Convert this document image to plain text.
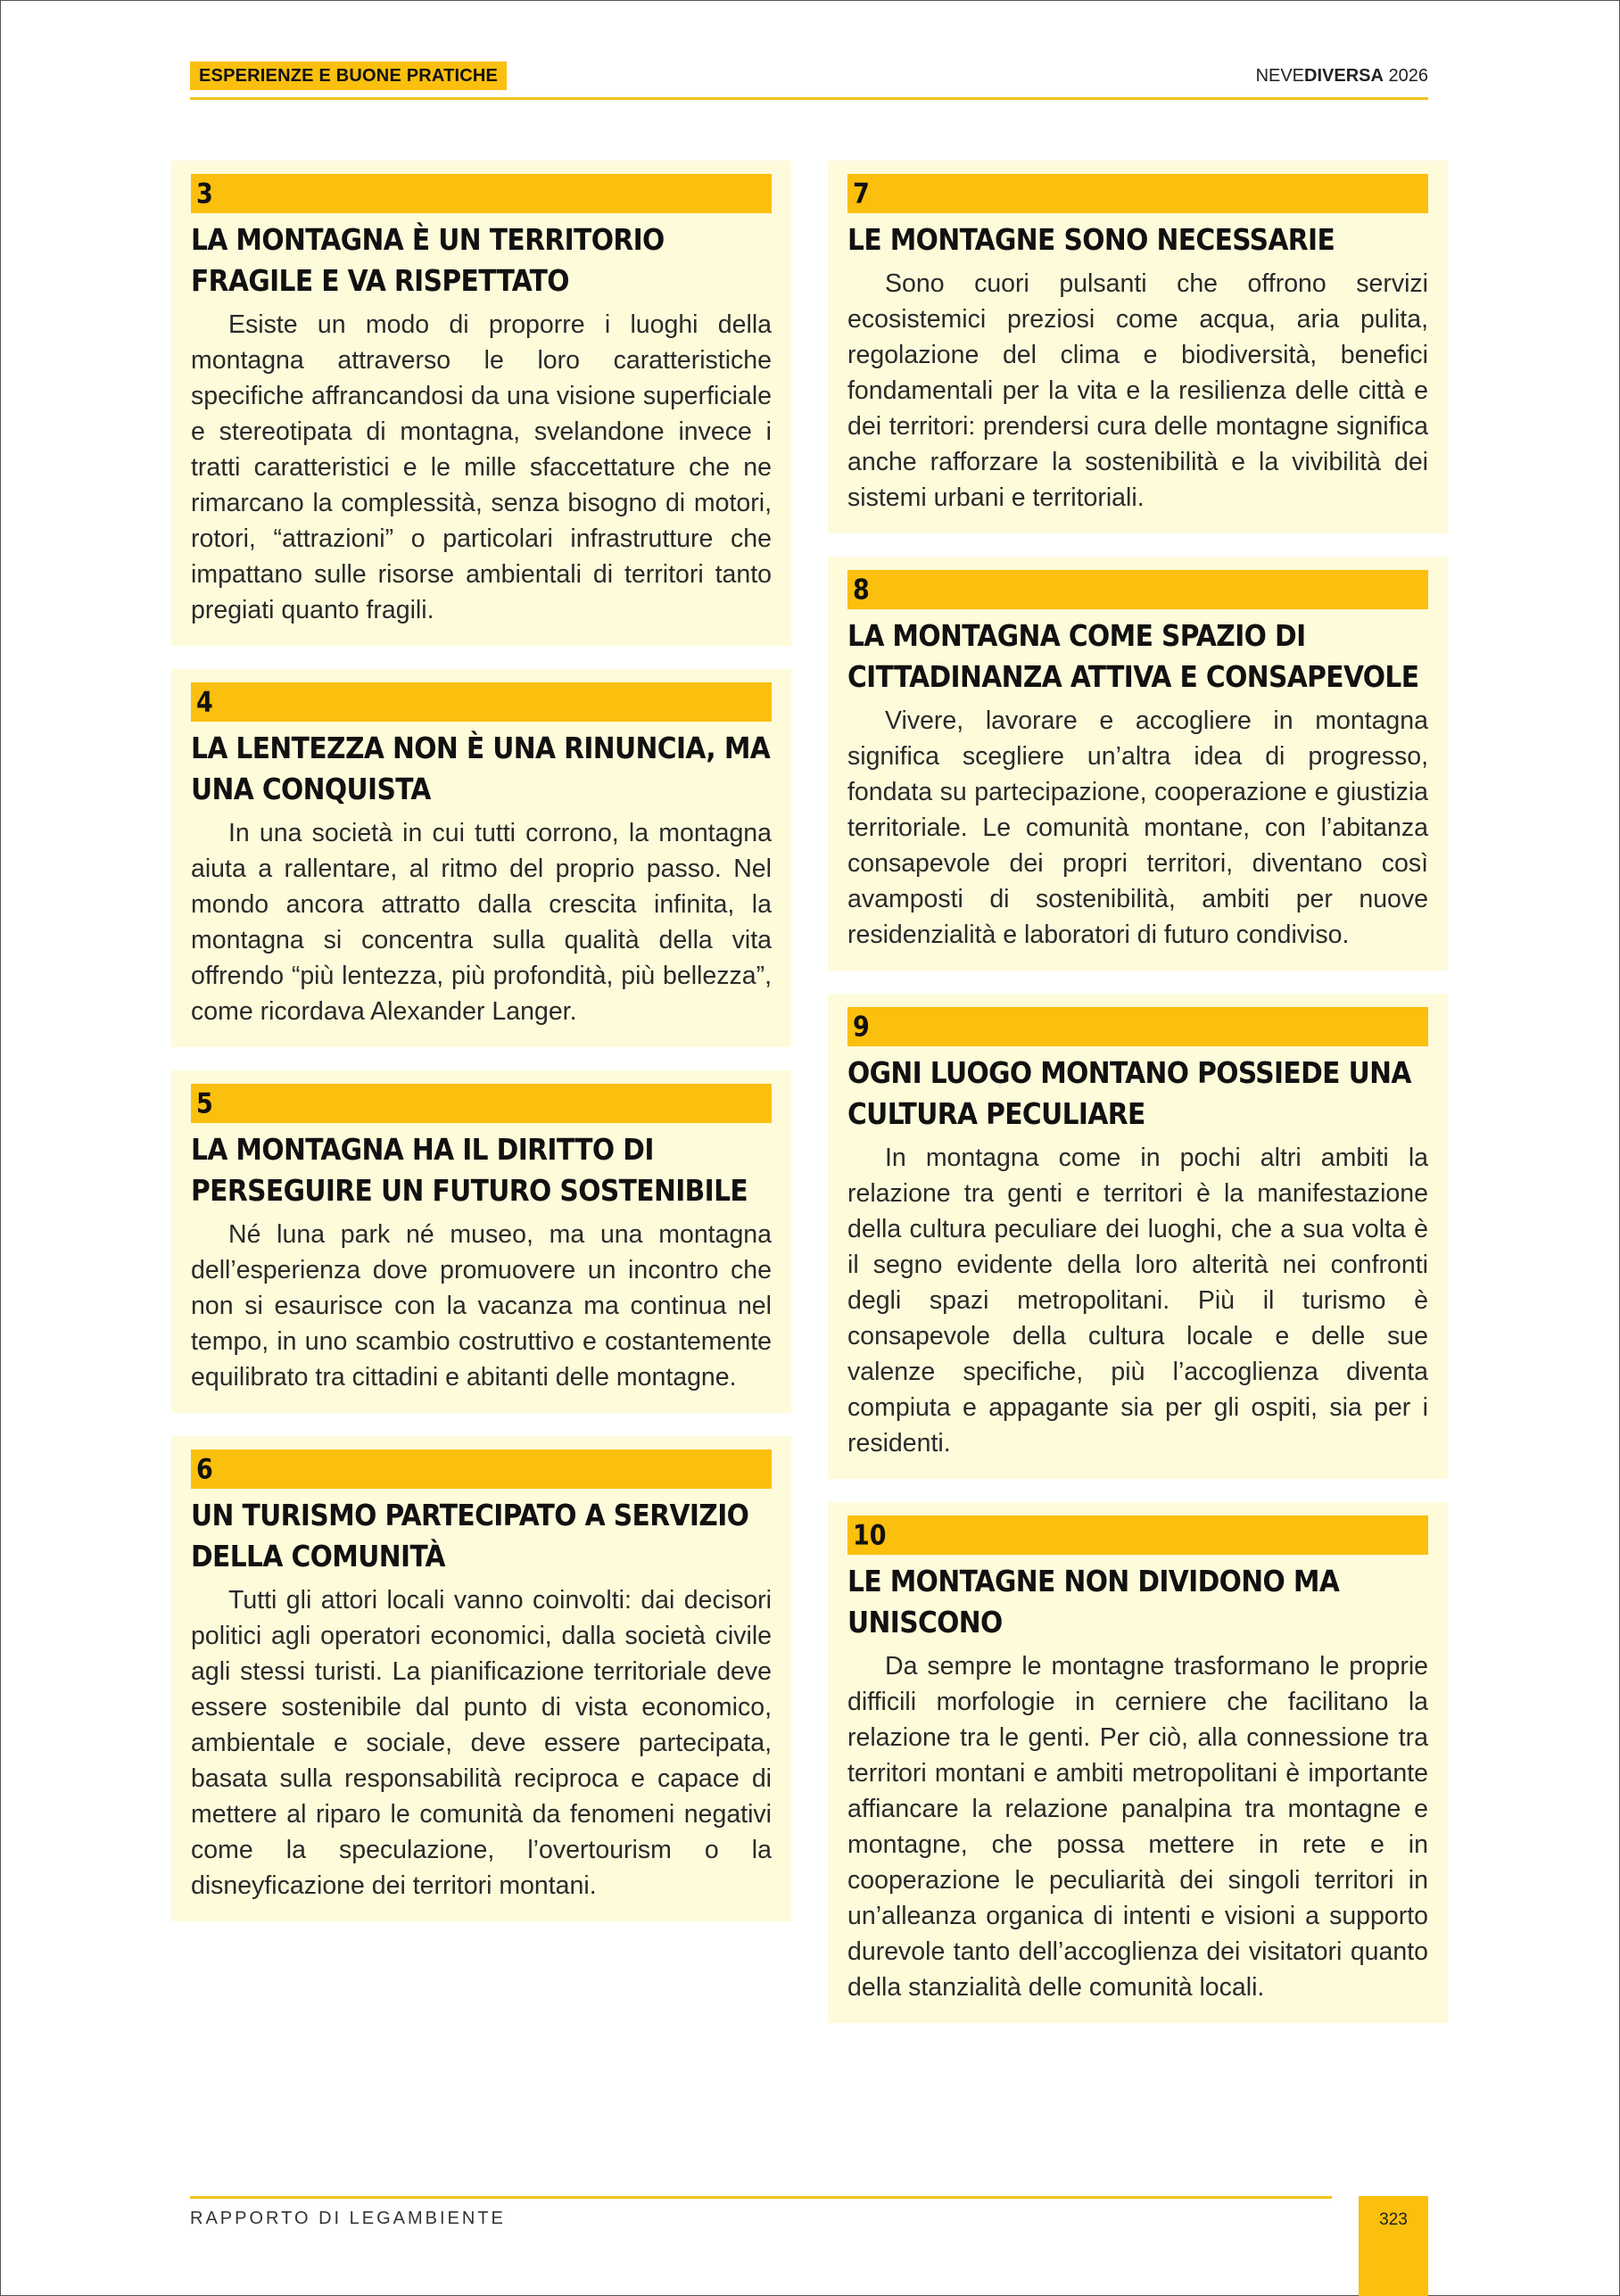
ESPERIENZE E BUONE PRATICHE	NEVEDIVERSA 2026
3
LA MONTAGNA È UN TERRITORIO FRAGILE E VA RISPETTATO
Esiste un modo di proporre i luoghi della montagna attraverso le loro caratteristiche specifiche affrancandosi da una visione superficiale e stereotipata di montagna, svelandone invece i tratti caratteristici e le mille sfaccettature che ne rimarcano la complessità, senza bisogno di motori, rotori, “attrazioni” o particolari infrastrutture che impattano sulle risorse ambientali di territori tanto pregiati quanto fragili.
4
LA LENTEZZA NON È UNA RINUNCIA, MA UNA CONQUISTA
In una società in cui tutti corrono, la montagna aiuta a rallentare, al ritmo del proprio passo. Nel mondo ancora attratto dalla crescita infinita, la montagna si concentra sulla qualità della vita offrendo “più lentezza, più profondità, più bellezza”, come ricordava Alexander Langer.
5
LA MONTAGNA HA IL DIRITTO DI PERSEGUIRE UN FUTURO SOSTENIBILE
Né luna park né museo, ma una montagna dell’esperienza dove promuovere un incontro che non si esaurisce con la vacanza ma continua nel tempo, in uno scambio costruttivo e costantemente equilibrato tra cittadini e abitanti delle montagne.
6
UN TURISMO PARTECIPATO A SERVIZIO DELLA COMUNITÀ
Tutti gli attori locali vanno coinvolti: dai decisori politici agli operatori economici, dalla società civile agli stessi turisti. La pianificazione territoriale deve essere sostenibile dal punto di vista economico, ambientale e sociale, deve essere partecipata, basata sulla responsabilità reciproca e capace di mettere al riparo le comunità da fenomeni negativi come la speculazione, l’overtourism o la disneyficazione dei territori montani.
7
LE MONTAGNE SONO NECESSARIE
Sono cuori pulsanti che offrono servizi ecosistemici preziosi come acqua, aria pulita, regolazione del clima e biodiversità, benefici fondamentali per la vita e la resilienza delle città e dei territori: prendersi cura delle montagne significa anche rafforzare la sostenibilità e la vivibilità dei sistemi urbani e territoriali.
8
LA MONTAGNA COME SPAZIO DI CITTADINANZA ATTIVA E CONSAPEVOLE
Vivere, lavorare e accogliere in montagna significa scegliere un’altra idea di progresso, fondata su partecipazione, cooperazione e giustizia territoriale. Le comunità montane, con l’abitanza consapevole dei propri territori, diventano così avamposti di sostenibilità, ambiti per nuove residenzialità e laboratori di futuro condiviso.
9
OGNI LUOGO MONTANO POSSIEDE UNA CULTURA PECULIARE
In montagna come in pochi altri ambiti la relazione tra genti e territori è la manifestazione della cultura peculiare dei luoghi, che a sua volta è il segno evidente della loro alterità nei confronti degli spazi metropolitani. Più il turismo è consapevole della cultura locale e delle sue valenze specifiche, più l’accoglienza diventa compiuta e appagante sia per gli ospiti, sia per i residenti.
10
LE MONTAGNE NON DIVIDONO MA UNISCONO
Da sempre le montagne trasformano le proprie difficili morfologie in cerniere che facilitano la relazione tra le genti. Per ciò, alla connessione tra territori montani e ambiti metropolitani è importante affiancare la relazione panalpina tra montagne e montagne, che possa mettere in rete e in cooperazione le peculiarità dei singoli territori in un’alleanza organica di intenti e visioni a supporto durevole tanto dell’accoglienza dei visitatori quanto della stanzialità delle comunità locali.
RAPPORTO DI LEGAMBIENTE	323
